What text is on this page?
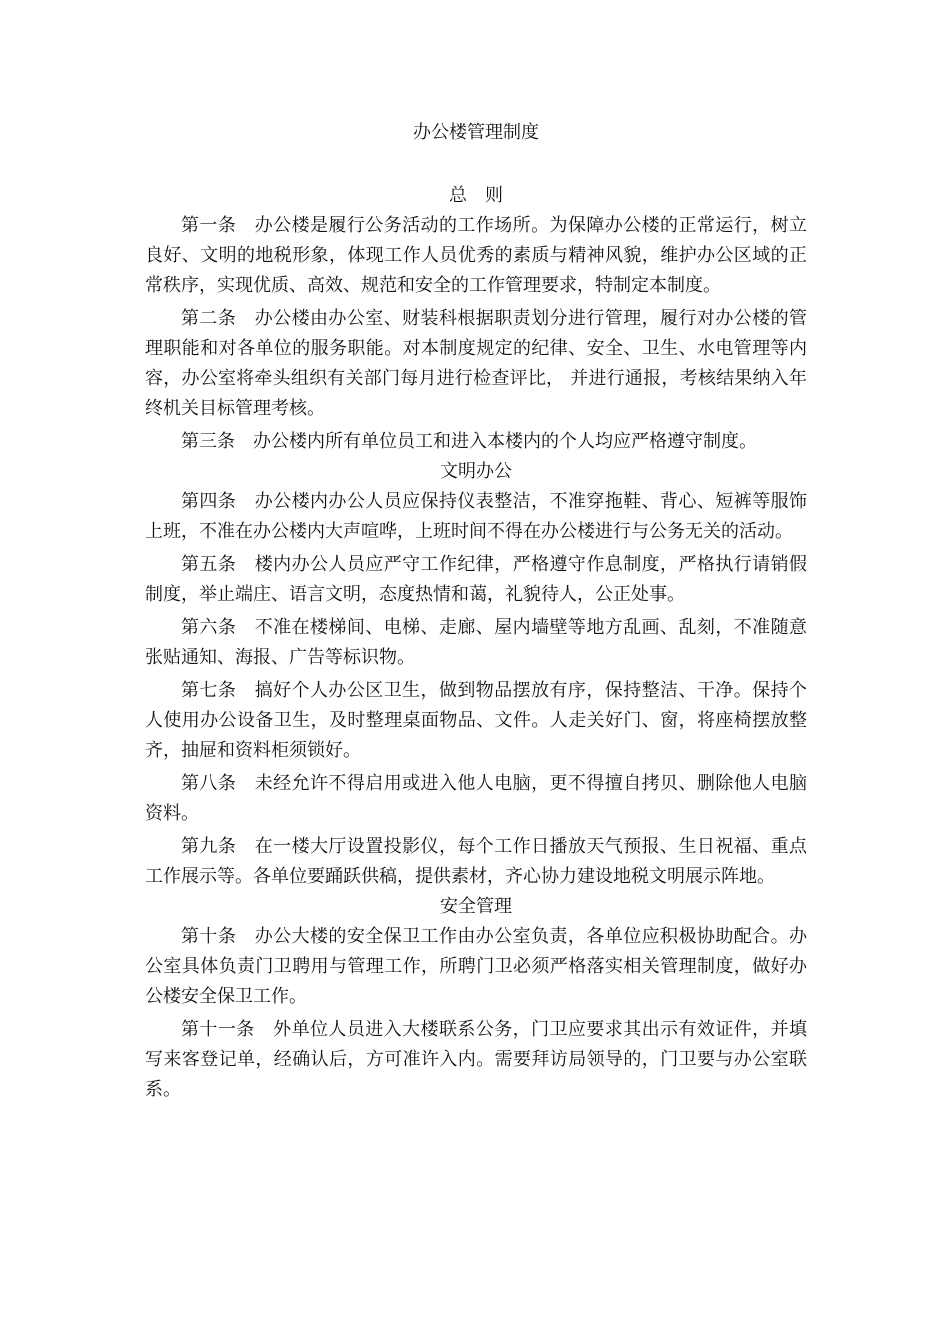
办公楼管理制度
总　则

第一条　 办公楼是履行公务活动的工作场所。为保障办公楼的正常运行，树立良好、文明的地税形象，体现工作人员优秀的素质与精神风貌，维护办公区域的正常秩序，实现优质、高效、规范和安全的工作管理要求，特制定本制度。

第二条　 办公楼由办公室、财装科根据职责划分进行管理，履行对办公楼的管理职能和对各单位的服务职能。对本制度规定的纪律、安全、卫生、水电管理等内容，办公室将牵头组织有关部门每月进行检查评比， 并进行通报，考核结果纳入年终机关目标管理考核。

第三条　 办公楼内所有单位员工和进入本楼内的个人均应严格遵守制度。

文明办公

第四条　 办公楼内办公人员应保持仪表整洁，不准穿拖鞋、背心、短裤等服饰上班，不准在办公楼内大声喧哗，上班时间不得在办公楼进行与公务无关的活动。

第五条　 楼内办公人员应严守工作纪律，严格遵守作息制度，严格执行请销假制度，举止端庄、语言文明，态度热情和蔼，礼貌待人，公正处事。

第六条　 不准在楼梯间、电梯、走廊、屋内墙壁等地方乱画、乱刻，不准随意张贴通知、海报、广告等标识物。

第七条　 搞好个人办公区卫生，做到物品摆放有序，保持整洁、干净。保持个人使用办公设备卫生，及时整理桌面物品、文件。人走关好门、窗，将座椅摆放整齐，抽屉和资料柜须锁好。

第八条　 未经允许不得启用或进入他人电脑，更不得擅自拷贝、删除他人电脑资料。

第九条　 在一楼大厅设置投影仪，每个工作日播放天气预报、生日祝福、重点工作展示等。各单位要踊跃供稿，提供素材，齐心协力建设地税文明展示阵地。

安全管理

第十条　 办公大楼的安全保卫工作由办公室负责，各单位应积极协助配合。办公室具体负责门卫聘用与管理工作，所聘门卫必须严格落实相关管理制度，做好办公楼安全保卫工作。

第十一条　 外单位人员进入大楼联系公务，门卫应要求其出示有效证件，并填写来客登记单，经确认后，方可准许入内。需要拜访局领导的，门卫要与办公室联系。
